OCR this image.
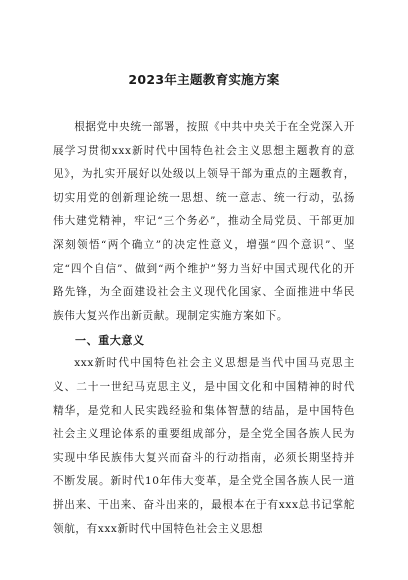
2023年主题教育实施方案

根据党中央统一部署，按照《中共中央关于在全党深入开展学习贯彻xxx新时代中国特色社会主义思想主题教育的意见》，为扎实开展好以处级以上领导干部为重点的主题教育，切实用党的创新理论统一思想、统一意志、统一行动，弘扬伟大建党精神，牢记“三个务必”，推动全局党员、干部更加深刻领悟“两个确立”的决定性意义，增强“四个意识”、坚定“四个自信”、做到“两个维护”努力当好中国式现代化的开路先锋，为全面建设社会主义现代化国家、全面推进中华民族伟大复兴作出新贡献。现制定实施方案如下。

一、重大意义

xxx新时代中国特色社会主义思想是当代中国马克思主义、二十一世纪马克思主义，是中国文化和中国精神的时代精华，是党和人民实践经验和集体智慧的结晶，是中国特色社会主义理论体系的重要组成部分，是全党全国各族人民为实现中华民族伟大复兴而奋斗的行动指南，必须长期坚持并不断发展。新时代10年伟大变革，是全党全国各族人民一道拼出来、干出来、奋斗出来的，最根本在于有xxx总书记掌舵领航，有xxx新时代中国特色社会主义思想
